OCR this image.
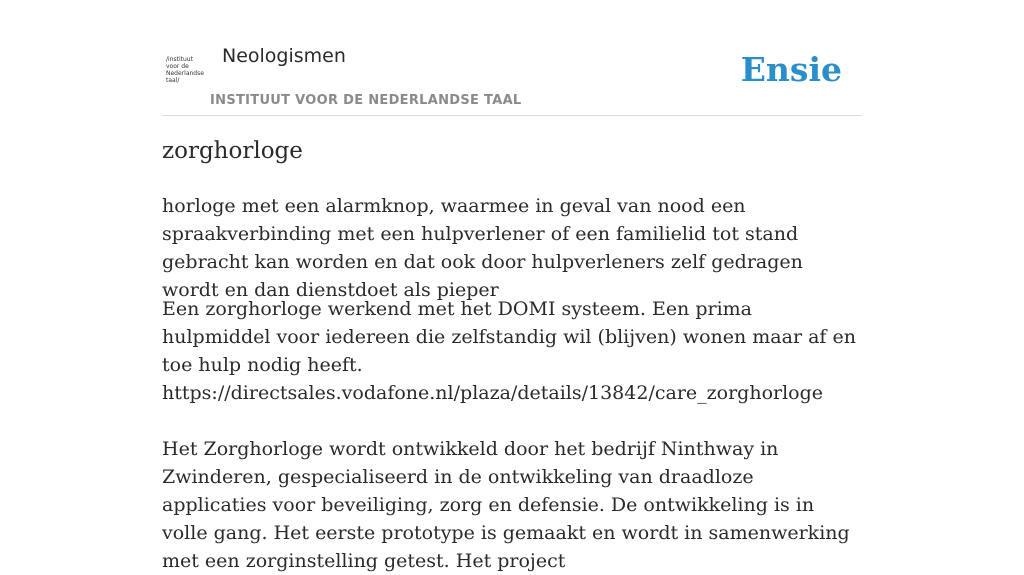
/instituut
voor de
Nederlandse
taal/
Neologismen
INSTITUUT VOOR DE NEDERLANDSE TAAL
Ensie
zorghorloge

horloge met een alarmknop, waarmee in geval van nood een spraakverbinding met een hulpverlener of een familielid tot stand gebracht kan worden en dat ook door hulpverleners zelf gedragen wordt en dan dienstdoet als pieper

Een zorghorloge werkend met het DOMI systeem. Een prima hulpmiddel voor iedereen die zelfstandig wil (blijven) wonen maar af en toe hulp nodig heeft.
https://directsales.vodafone.nl/plaza/details/13842/care_zorghorloge
Het Zorghorloge wordt ontwikkeld door het bedrijf Ninthway in Zwinderen, gespecialiseerd in de ontwikkeling van draadloze applicaties voor beveiliging, zorg en defensie. De ontwikkeling is in volle gang. Het eerste prototype is gemaakt en wordt in samenwerking met een zorginstelling getest. Het project
